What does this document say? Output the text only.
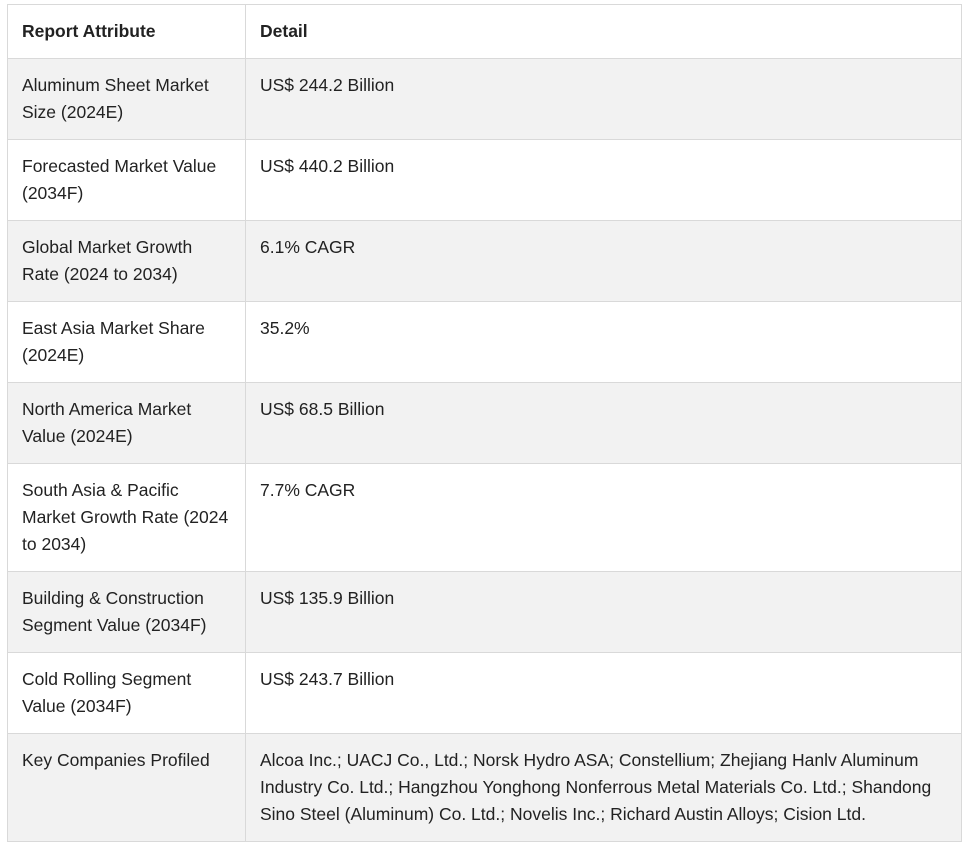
Report Attribute	Detail
Aluminum Sheet Market Size (2024E)	US$ 244.2 Billion
Forecasted Market Value (2034F)	US$ 440.2 Billion
Global Market Growth Rate (2024 to 2034)	6.1% CAGR
East Asia Market Share (2024E)	35.2%
North America Market Value (2024E)	US$ 68.5 Billion
South Asia & Pacific Market Growth Rate (2024 to 2034)	7.7% CAGR
Building & Construction Segment Value (2034F)	US$ 135.9 Billion
Cold Rolling Segment Value (2034F)	US$ 243.7 Billion
Key Companies Profiled	Alcoa Inc.; UACJ Co., Ltd.; Norsk Hydro ASA; Constellium; Zhejiang Hanlv Aluminum Industry Co. Ltd.; Hangzhou Yonghong Nonferrous Metal Materials Co. Ltd.; Shandong Sino Steel (Aluminum) Co. Ltd.; Novelis Inc.; Richard Austin Alloys; Cision Ltd.
